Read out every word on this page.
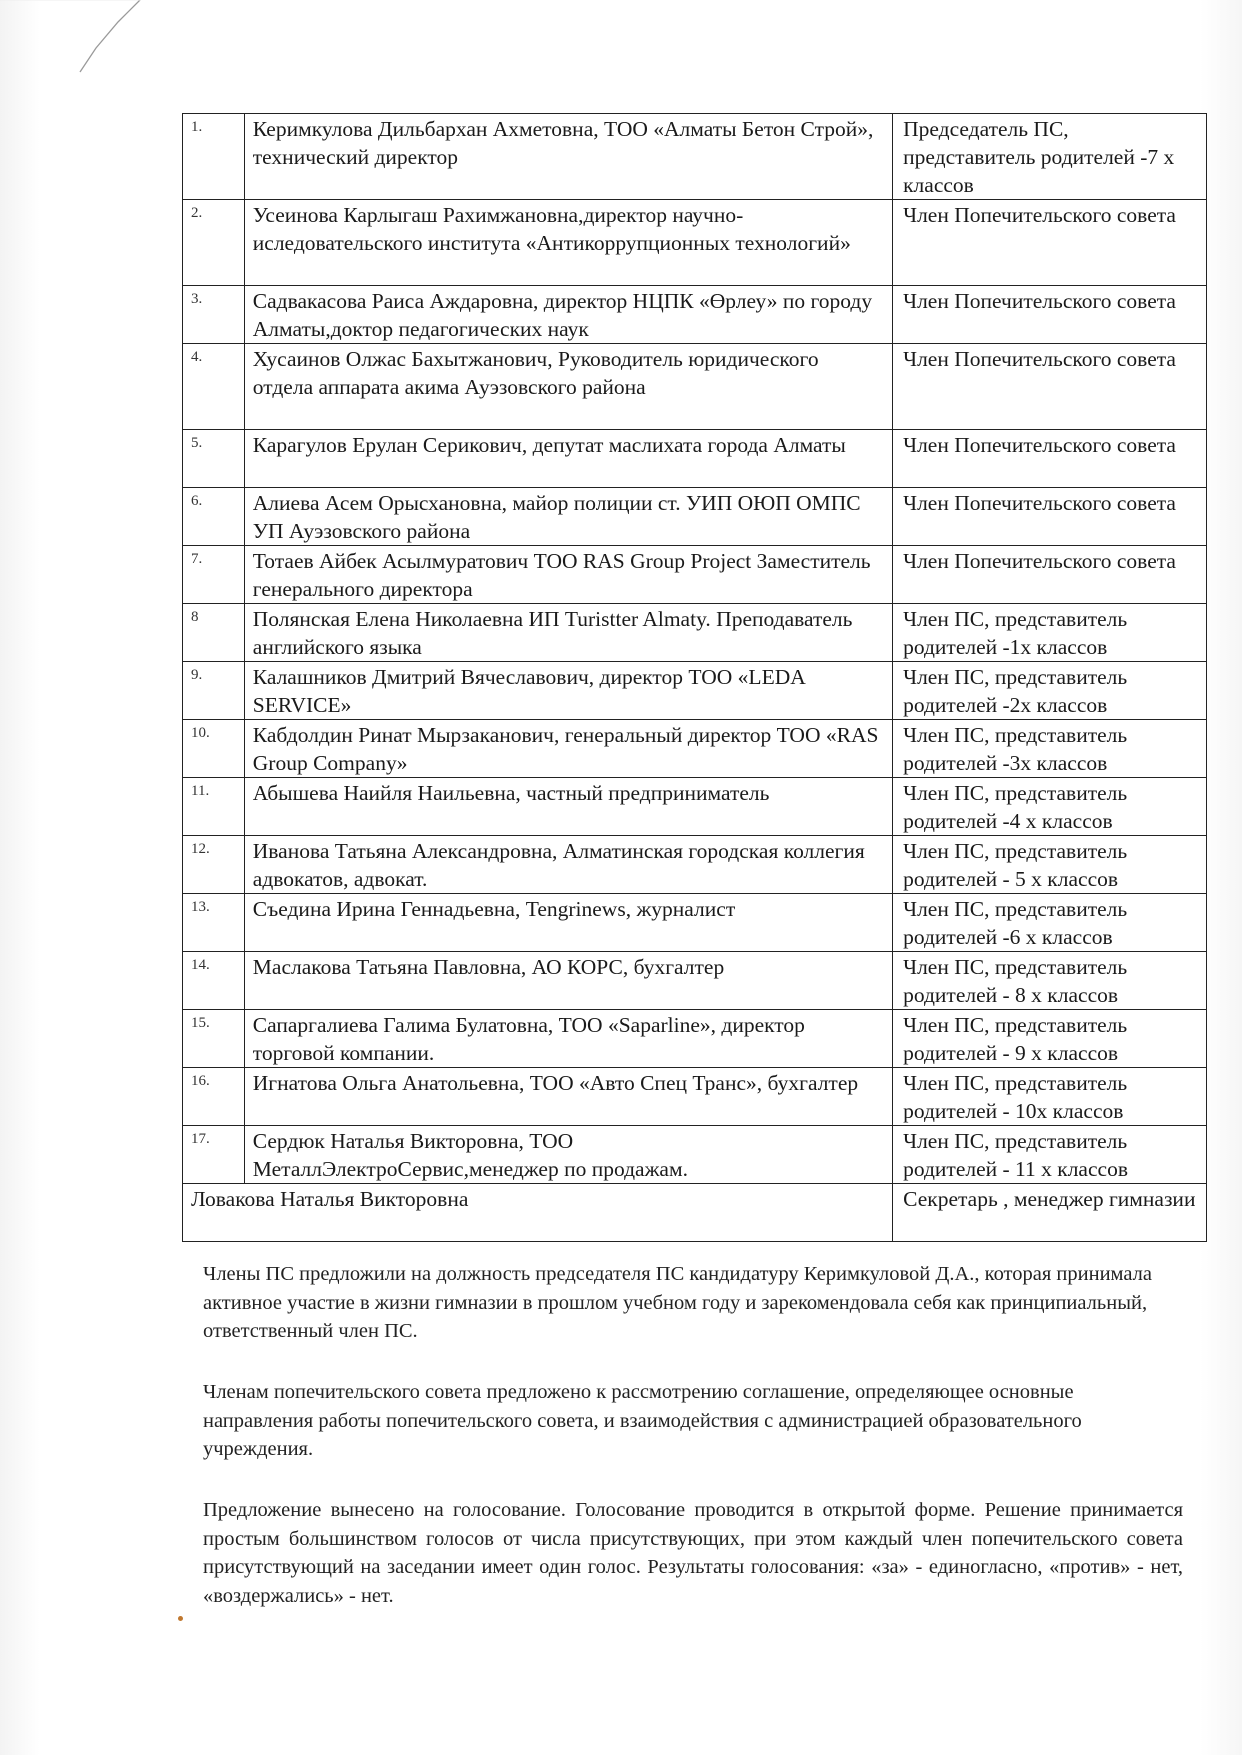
1.	Керимкулова Дильбархан Ахметовна, ТОО «Алматы Бетон Строй», технический директор	Председатель ПС, представитель родителей -7 х классов
2.	Усеинова Карлыгаш Рахимжановна,директор научно-иследовательского института «Антикоррупционных технологий»	Член Попечительского совета
3.	Садвакасова Раиса Аждаровна, директор НЦПК «Өрлеу» по городу Алматы,доктор педагогических наук	Член Попечительского совета
4.	Хусаинов Олжас Бахытжанович, Руководитель юридического отдела аппарата акима Ауэзовского района	Член Попечительского совета
5.	Карагулов Ерулан Серикович, депутат маслихата города Алматы	Член Попечительского совета
6.	Алиева Асем Орысхановна, майор полиции ст. УИП ОЮП ОМПС УП Ауэзовского района	Член Попечительского совета
7.	Тотаев Айбек Асылмуратович ТОО RAS Group Project Заместитель генерального директора	Член Попечительского совета
8	Полянская Елена Николаевна ИП Turistter Almaty. Преподаватель английского языка	Член ПС, представитель родителей -1х классов
9.	Калашников Дмитрий Вячеславович, директор ТОО «LEDA SERVICE»	Член ПС, представитель родителей -2х классов
10.	Кабдолдин Ринат Мырзаканович, генеральный директор ТОО «RAS Group Company»	Член ПС, представитель родителей -3х классов
11.	Абышева Наийля Наильевна, частный предприниматель	Член ПС, представитель родителей -4 х классов
12.	Иванова Татьяна Александровна, Алматинская городская коллегия адвокатов, адвокат.	Член ПС, представитель родителей - 5 х классов
13.	Съедина Ирина Геннадьевна, Tengrinews, журналист	Член ПС, представитель родителей -6 х классов
14.	Маслакова Татьяна Павловна, АО КОРС, бухгалтер	Член ПС, представитель родителей - 8 х классов
15.	Сапаргалиева Галима Булатовна, ТОО «Saparline», директор торговой компании.	Член ПС, представитель родителей - 9 х классов
16.	Игнатова Ольга Анатольевна, ТОО «Авто Спец Транс», бухгалтер	Член ПС, представитель родителей - 10х классов
17.	Сердюк Наталья Викторовна, ТОО МеталлЭлектроСервис,менеджер по продажам.	Член ПС, представитель родителей - 11 х классов
Ловакова Наталья Викторовна		Секретарь , менеджер гимназии

Члены ПС предложили на должность председателя ПС кандидатуру Керимкуловой Д.А., которая принимала активное участие в жизни гимназии в прошлом учебном году и зарекомендовала себя как принципиальный, ответственный член ПС.

Членам попечительского совета предложено к рассмотрению соглашение, определяющее основные направления работы попечительского совета, и взаимодействия с администрацией образовательного учреждения.

Предложение вынесено на голосование. Голосование проводится в открытой форме. Решение принимается простым большинством голосов от числа присутствующих, при этом каждый член попечительского совета присутствующий на заседании имеет один голос. Результаты голосования: «за» - единогласно, «против» - нет, «воздержались» - нет.
